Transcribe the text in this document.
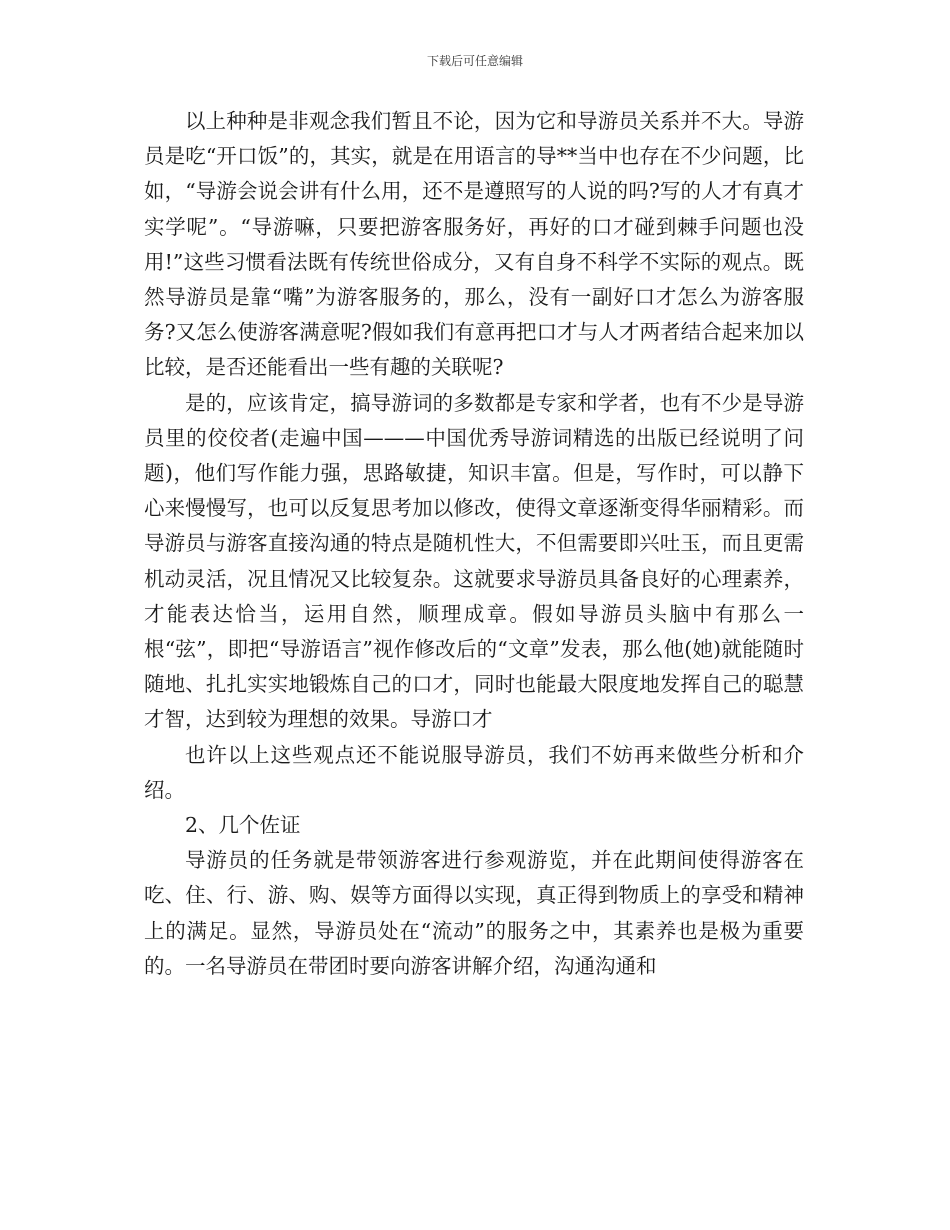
下载后可任意编辑

以上种种是非观念我们暂且不论，因为它和导游员关系并不大。导游员是吃“开口饭”的，其实，就是在用语言的导**当中也存在不少问题，比如，“导游会说会讲有什么用，还不是遵照写的人说的吗?写的人才有真才实学呢”。“导游嘛，只要把游客服务好，再好的口才碰到棘手问题也没用!”这些习惯看法既有传统世俗成分，又有自身不科学不实际的观点。既然导游员是靠“嘴”为游客服务的，那么，没有一副好口才怎么为游客服务?又怎么使游客满意呢?假如我们有意再把口才与人才两者结合起来加以比较，是否还能看出一些有趣的关联呢?

是的，应该肯定，搞导游词的多数都是专家和学者，也有不少是导游员里的佼佼者(走遍中国———中国优秀导游词精选的出版已经说明了问题)，他们写作能力强，思路敏捷，知识丰富。但是，写作时，可以静下心来慢慢写，也可以反复思考加以修改，使得文章逐渐变得华丽精彩。而导游员与游客直接沟通的特点是随机性大，不但需要即兴吐玉，而且更需机动灵活，况且情况又比较复杂。这就要求导游员具备良好的心理素养，才能表达恰当，运用自然，顺理成章。假如导游员头脑中有那么一根“弦”，即把“导游语言”视作修改后的“文章”发表，那么他(她)就能随时随地、扎扎实实地锻炼自己的口才，同时也能最大限度地发挥自己的聪慧才智，达到较为理想的效果。导游口才

也许以上这些观点还不能说服导游员，我们不妨再来做些分析和介绍。

2、几个佐证

导游员的任务就是带领游客进行参观游览，并在此期间使得游客在吃、住、行、游、购、娱等方面得以实现，真正得到物质上的享受和精神上的满足。显然，导游员处在“流动”的服务之中，其素养也是极为重要的。一名导游员在带团时要向游客讲解介绍，沟通沟通和
